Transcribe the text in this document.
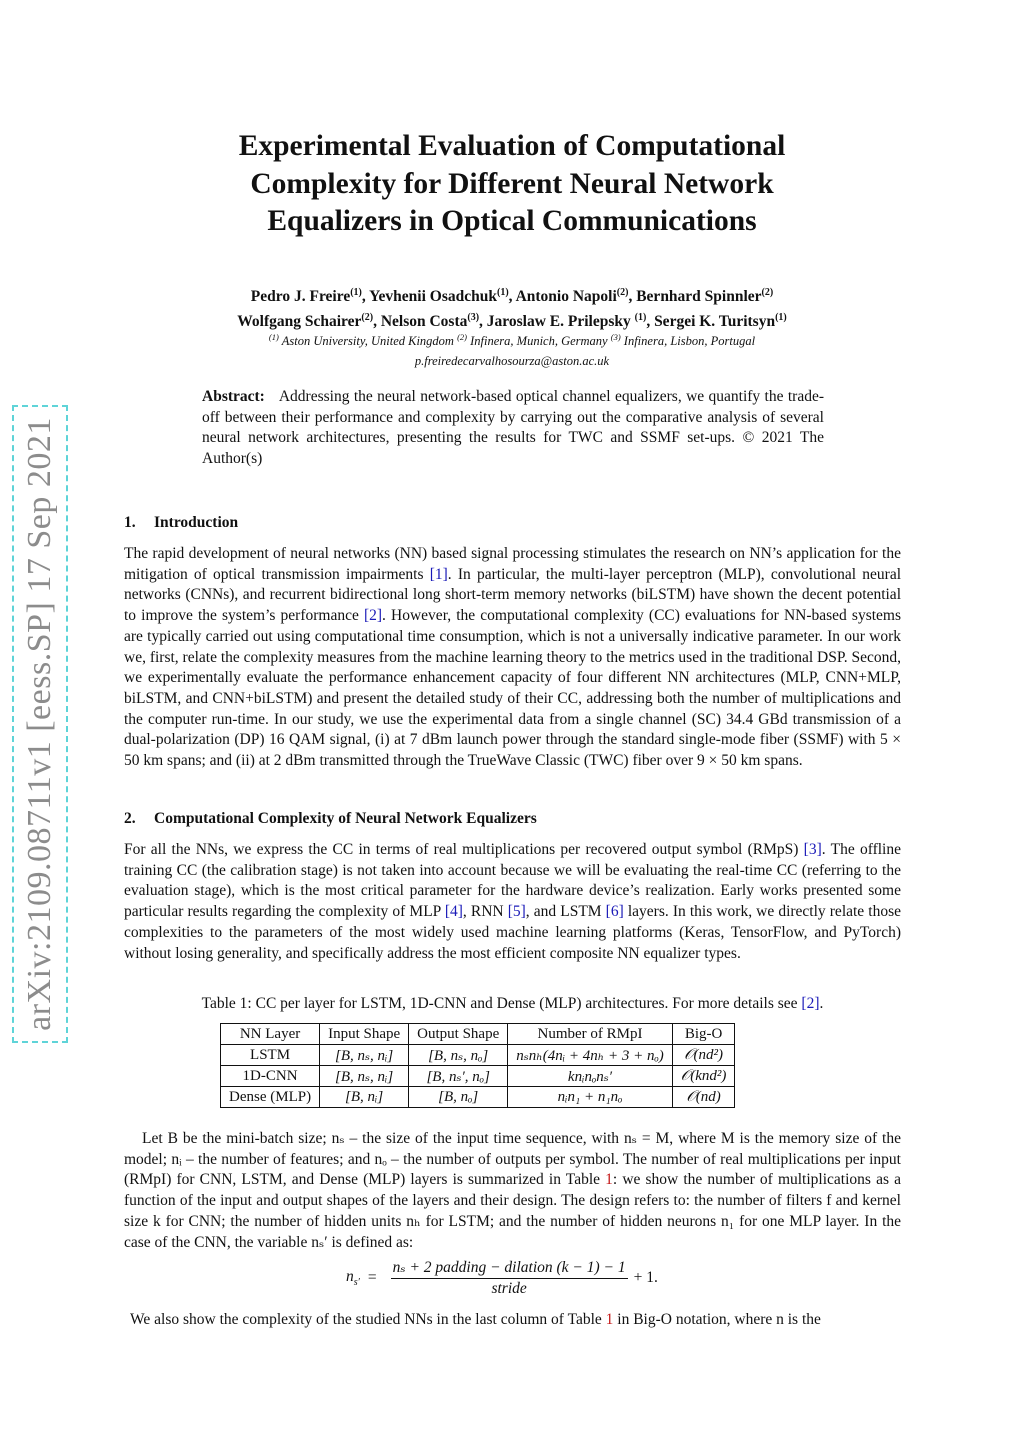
arXiv:2109.08711v1 [eess.SP] 17 Sep 2021
Experimental Evaluation of Computational
Complexity for Different Neural Network
Equalizers in Optical Communications
Pedro J. Freire$^{(1)}$, Yevhenii Osadchuk$^{(1)}$, Antonio Napoli$^{(2)}$, Bernhard Spinnler$^{(2)}$
Wolfgang Schairer$^{(2)}$, Nelson Costa$^{(3)}$, Jaroslaw E. Prilepsky $^{(1)}$, Sergei K. Turitsyn$^{(1)}$
$^{(1)}$ Aston University, United Kingdom $^{(2)}$ Infinera, Munich, Germany $^{(3)}$ Infinera, Lisbon, Portugal
p.freiredecarvalhosourza@aston.ac.uk
Abstract: Addressing the neural network-based optical channel equalizers, we quantify the trade-off between their performance and complexity by carrying out the comparative analysis of several neural network architectures, presenting the results for TWC and SSMF set-ups. © 2021 The Author(s)
1. Introduction
The rapid development of neural networks (NN) based signal processing stimulates the research on NN’s application for the mitigation of optical transmission impairments [1]. In particular, the multi-layer perceptron (MLP), convolutional neural networks (CNNs), and recurrent bidirectional long short-term memory networks (biLSTM) have shown the decent potential to improve the system’s performance [2]. However, the computational complexity (CC) evaluations for NN-based systems are typically carried out using computational time consumption, which is not a universally indicative parameter. In our work we, first, relate the complexity measures from the machine learning theory to the metrics used in the traditional DSP. Second, we experimentally evaluate the performance enhancement capacity of four different NN architectures (MLP, CNN+MLP, biLSTM, and CNN+biLSTM) and present the detailed study of their CC, addressing both the number of multiplications and the computer run-time. In our study, we use the experimental data from a single channel (SC) 34.4 GBd transmission of a dual-polarization (DP) 16 QAM signal, (i) at 7 dBm launch power through the standard single-mode fiber (SSMF) with 5 × 50 km spans; and (ii) at 2 dBm transmitted through the TrueWave Classic (TWC) fiber over 9 × 50 km spans.
2. Computational Complexity of Neural Network Equalizers
For all the NNs, we express the CC in terms of real multiplications per recovered output symbol (RMpS) [3]. The offline training CC (the calibration stage) is not taken into account because we will be evaluating the real-time CC (referring to the evaluation stage), which is the most critical parameter for the hardware device’s realization. Early works presented some particular results regarding the complexity of MLP [4], RNN [5], and LSTM [6] layers. In this work, we directly relate those complexities to the parameters of the most widely used machine learning platforms (Keras, TensorFlow, and PyTorch) without losing generality, and specifically address the most efficient composite NN equalizer types.
Table 1: CC per layer for LSTM, 1D-CNN and Dense (MLP) architectures. For more details see [2].
NN Layer	Input Shape	Output Shape	Number of RMpI	Big-O
LSTM	[B, nₛ, nᵢ]	[B, nₛ, nₒ]	nₛnₕ(4nᵢ + 4nₕ + 3 + nₒ)	𝒪(nd²)
1D-CNN	[B, nₛ, nᵢ]	[B, nₛ′, nₒ]	knᵢnₒnₛ′	𝒪(knd²)
Dense (MLP)	[B, nᵢ]	[B, nₒ]	nᵢn₁ + n₁nₒ	𝒪(nd)
Let B be the mini-batch size; nₛ – the size of the input time sequence, with nₛ = M, where M is the memory size of the model; nᵢ – the number of features; and nₒ – the number of outputs per symbol. The number of real multiplications per input (RMpI) for CNN, LSTM, and Dense (MLP) layers is summarized in Table 1: we show the number of multiplications as a function of the input and output shapes of the layers and their design. The design refers to: the number of filters f and kernel size k for CNN; the number of hidden units nₕ for LSTM; and the number of hidden neurons n₁ for one MLP layer. In the case of the CNN, the variable nₛ′ is defined as:
$n_{s'} = \frac{\text{nₛ + 2 padding − dilation (k − 1) − 1}}{\text{stride}} + 1$.
We also show the complexity of the studied NNs in the last column of Table 1 in Big-O notation, where n is the
